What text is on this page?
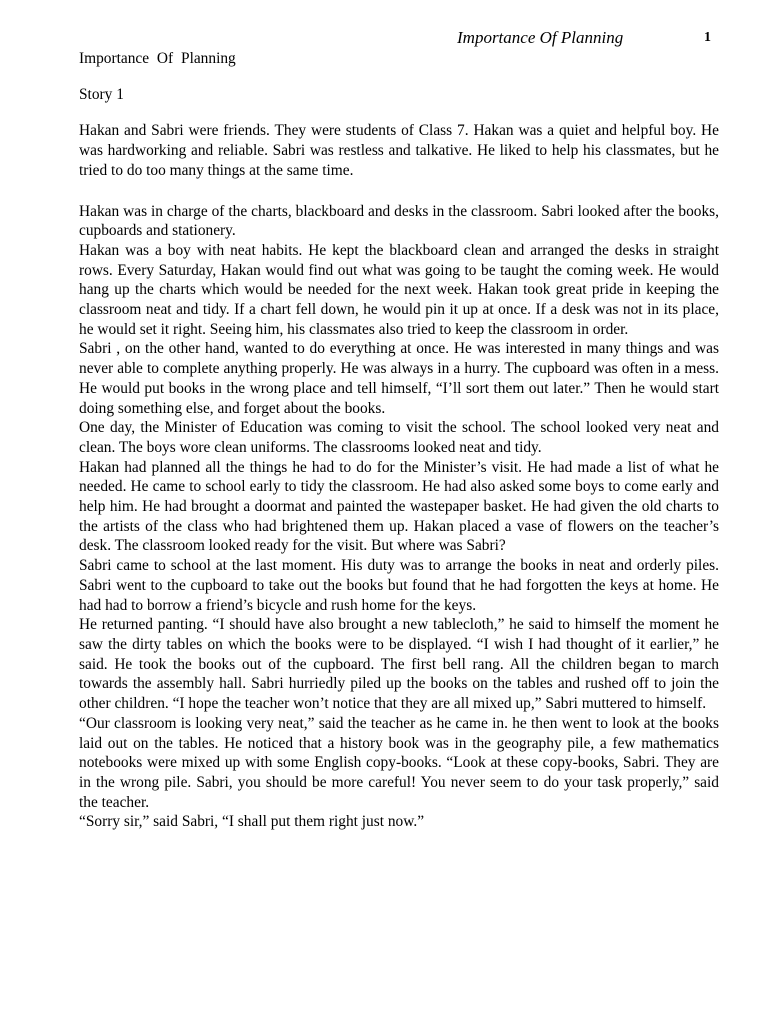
Importance Of Planning	1
Importance Of Planning
Story 1

Hakan and Sabri were friends. They were students of Class 7. Hakan was a quiet and helpful boy. He was hardworking and reliable. Sabri was restless and talkative. He liked to help his classmates, but he tried to do too many things at the same time.

Hakan was in charge of the charts, blackboard and desks in the classroom. Sabri looked after the books, cupboards and stationery.

Hakan was a boy with neat habits. He kept the blackboard clean and arranged the desks in straight rows. Every Saturday, Hakan would find out what was going to be taught the coming week. He would hang up the charts which would be needed for the next week. Hakan took great pride in keeping the classroom neat and tidy. If a chart fell down, he would pin it up at once. If a desk was not in its place, he would set it right. Seeing him, his classmates also tried to keep the classroom in order.

Sabri , on the other hand, wanted to do everything at once. He was interested in many things and was never able to complete anything properly. He was always in a hurry. The cupboard was often in a mess. He would put books in the wrong place and tell himself, “I’ll sort them out later.” Then he would start doing something else, and forget about the books.

One day, the Minister of Education was coming to visit the school. The school looked very neat and clean. The boys wore clean uniforms. The classrooms looked neat and tidy.

Hakan had planned all the things he had to do for the Minister’s visit. He had made a list of what he needed. He came to school early to tidy the classroom. He had also asked some boys to come early and help him. He had brought a doormat and painted the wastepaper basket. He had given the old charts to the artists of the class who had brightened them up. Hakan placed a vase of flowers on the teacher’s desk. The classroom looked ready for the visit. But where was Sabri?

Sabri came to school at the last moment. His duty was to arrange the books in neat and orderly piles. Sabri went to the cupboard to take out the books but found that he had forgotten the keys at home. He had had to borrow a friend’s bicycle and rush home for the keys.

He returned panting. “I should have also brought a new tablecloth,” he said to himself the moment he saw the dirty tables on which the books were to be displayed. “I wish I had thought of it earlier,” he said. He took the books out of the cupboard. The first bell rang. All the children began to march towards the assembly hall. Sabri hurriedly piled up the books on the tables and rushed off to join the other children. “I hope the teacher won’t notice that they are all mixed up,” Sabri muttered to himself.

“Our classroom is looking very neat,” said the teacher as he came in. he then went to look at the books laid out on the tables. He noticed that a history book was in the geography pile, a few mathematics notebooks were mixed up with some English copy-books. “Look at these copy-books, Sabri. They are in the wrong pile. Sabri, you should be more careful! You never seem to do your task properly,” said the teacher.

“Sorry sir,” said Sabri, “I shall put them right just now.”
